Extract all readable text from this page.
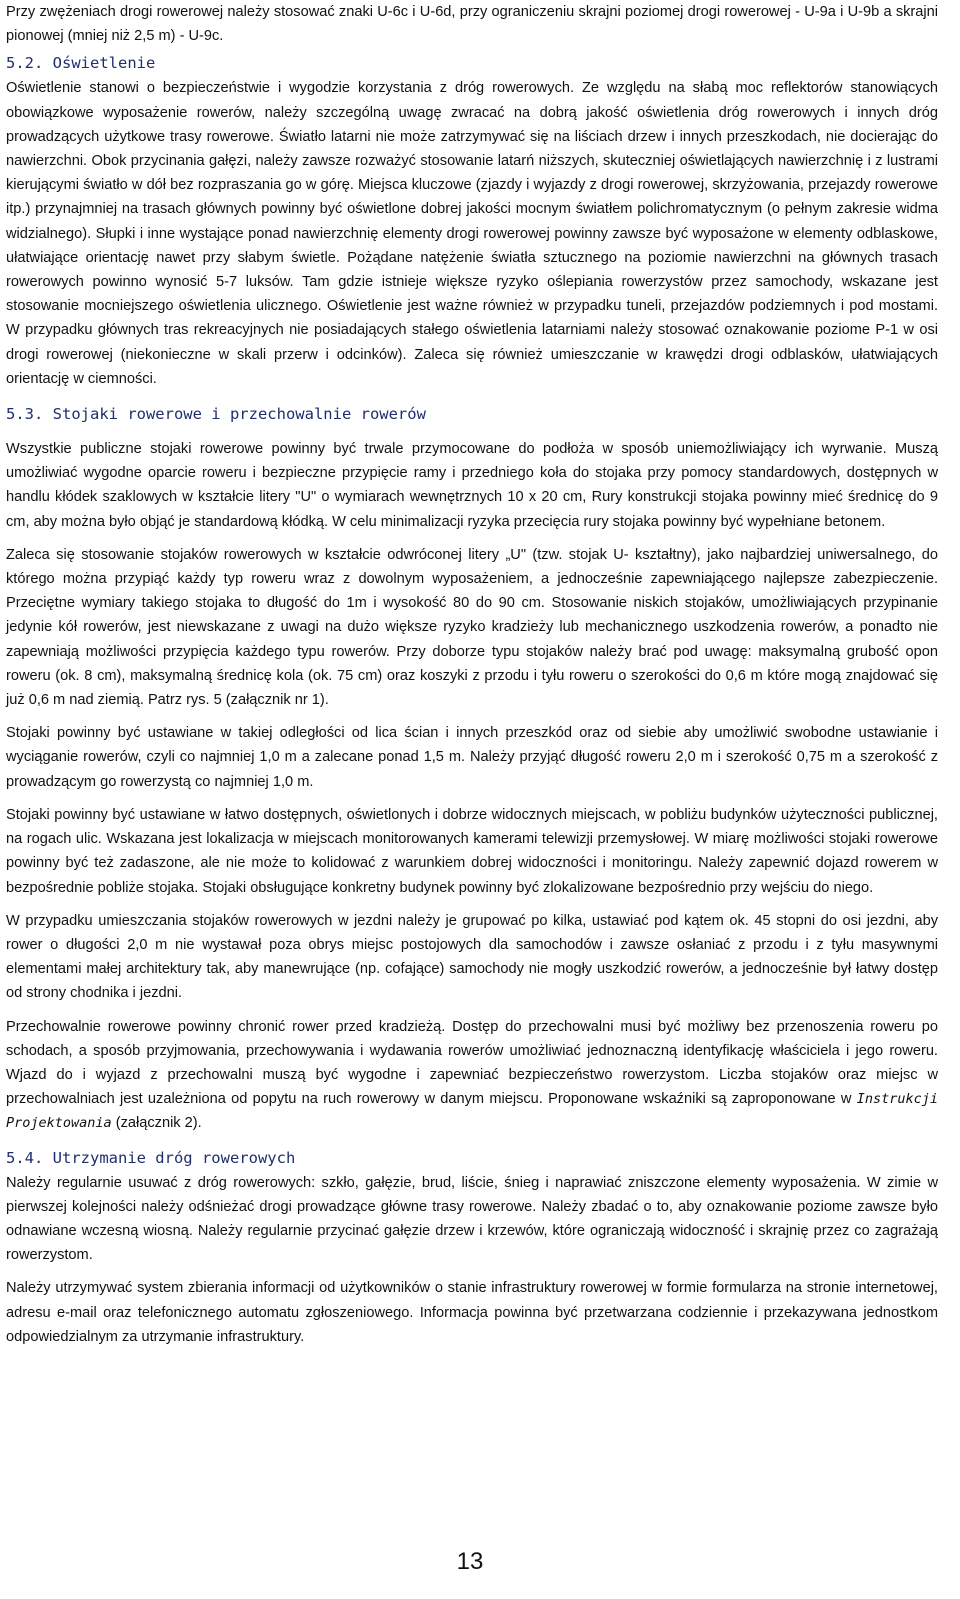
Przy zwężeniach drogi rowerowej należy stosować znaki U-6c i U-6d, przy ograniczeniu skrajni poziomej drogi rowerowej - U-9a i U-9b a skrajni pionowej (mniej niż 2,5 m) - U-9c.

5.2. Oświetlenie

Oświetlenie stanowi o bezpieczeństwie i wygodzie korzystania z dróg rowerowych. Ze względu na słabą moc reflektorów stanowiących obowiązkowe wyposażenie rowerów, należy szczególną uwagę zwracać na dobrą jakość oświetlenia dróg rowerowych i innych dróg prowadzących użytkowe trasy rowerowe. Światło latarni nie może zatrzymywać się na liściach drzew i innych przeszkodach, nie docierając do nawierzchni. Obok przycinania gałęzi, należy zawsze rozważyć stosowanie latarń niższych, skuteczniej oświetlających nawierzchnię i z lustrami kierującymi światło w dół bez rozpraszania go w górę. Miejsca kluczowe (zjazdy i wyjazdy z drogi rowerowej, skrzyżowania, przejazdy rowerowe itp.) przynajmniej na trasach głównych powinny być oświetlone dobrej jakości mocnym światłem polichromatycznym (o pełnym zakresie widma widzialnego). Słupki i inne wystające ponad nawierzchnię elementy drogi rowerowej powinny zawsze być wyposażone w elementy odblaskowe, ułatwiające orientację nawet przy słabym świetle. Pożądane natężenie światła sztucznego na poziomie nawierzchni na głównych trasach rowerowych powinno wynosić 5-7 luksów. Tam gdzie istnieje większe ryzyko oślepiania rowerzystów przez samochody, wskazane jest stosowanie mocniejszego oświetlenia ulicznego. Oświetlenie jest ważne również w przypadku tuneli, przejazdów podziemnych i pod mostami. W przypadku głównych tras rekreacyjnych nie posiadających stałego oświetlenia latarniami należy stosować oznakowanie poziome P-1 w osi drogi rowerowej (niekonieczne w skali przerw i odcinków). Zaleca się również umieszczanie w krawędzi drogi odblasków, ułatwiających orientację w ciemności.

5.3. Stojaki rowerowe i przechowalnie rowerów

Wszystkie publiczne stojaki rowerowe powinny być trwale przymocowane do podłoża w sposób uniemożliwiający ich wyrwanie. Muszą umożliwiać wygodne oparcie roweru i bezpieczne przypięcie ramy i przedniego koła do stojaka przy pomocy standardowych, dostępnych w handlu kłódek szaklowych w kształcie litery "U" o wymiarach wewnętrznych 10 x 20 cm, Rury konstrukcji stojaka powinny mieć średnicę do 9 cm, aby można było objąć je standardową kłódką. W celu minimalizacji ryzyka przecięcia rury stojaka powinny być wypełniane betonem.

Zaleca się stosowanie stojaków rowerowych w kształcie odwróconej litery „U" (tzw. stojak U- kształtny), jako najbardziej uniwersalnego, do którego można przypiąć każdy typ roweru wraz z dowolnym wyposażeniem, a jednocześnie zapewniającego najlepsze zabezpieczenie. Przeciętne wymiary takiego stojaka to długość do 1m i wysokość 80 do 90 cm. Stosowanie niskich stojaków, umożliwiających przypinanie jedynie kół rowerów, jest niewskazane z uwagi na dużo większe ryzyko kradzieży lub mechanicznego uszkodzenia rowerów, a ponadto nie zapewniają możliwości przypięcia każdego typu rowerów. Przy doborze typu stojaków należy brać pod uwagę: maksymalną grubość opon roweru (ok. 8 cm), maksymalną średnicę kola (ok. 75 cm) oraz koszyki z przodu i tyłu roweru o szerokości do 0,6 m które mogą znajdować się już 0,6 m nad ziemią. Patrz rys. 5 (załącznik nr 1).

Stojaki powinny być ustawiane w takiej odległości od lica ścian i innych przeszkód oraz od siebie aby umożliwić swobodne ustawianie i wyciąganie rowerów, czyli co najmniej 1,0 m a zalecane ponad 1,5 m. Należy przyjąć długość roweru 2,0 m i szerokość 0,75 m a szerokość z prowadzącym go rowerzystą co najmniej 1,0 m.

Stojaki powinny być ustawiane w łatwo dostępnych, oświetlonych i dobrze widocznych miejscach, w pobliżu budynków użyteczności publicznej, na rogach ulic. Wskazana jest lokalizacja w miejscach monitorowanych kamerami telewizji przemysłowej. W miarę możliwości stojaki rowerowe powinny być też zadaszone, ale nie może to kolidować z warunkiem dobrej widoczności i monitoringu. Należy zapewnić dojazd rowerem w bezpośrednie pobliże stojaka. Stojaki obsługujące konkretny budynek powinny być zlokalizowane bezpośrednio przy wejściu do niego.

W przypadku umieszczania stojaków rowerowych w jezdni należy je grupować po kilka, ustawiać pod kątem ok. 45 stopni do osi jezdni, aby rower o długości 2,0 m nie wystawał poza obrys miejsc postojowych dla samochodów i zawsze osłaniać z przodu i z tyłu masywnymi elementami małej architektury tak, aby manewrujące (np. cofające) samochody nie mogły uszkodzić rowerów, a jednocześnie był łatwy dostęp od strony chodnika i jezdni.

Przechowalnie rowerowe powinny chronić rower przed kradzieżą. Dostęp do przechowalni musi być możliwy bez przenoszenia roweru po schodach, a sposób przyjmowania, przechowywania i wydawania rowerów umożliwiać jednoznaczną identyfikację właściciela i jego roweru. Wjazd do i wyjazd z przechowalni muszą być wygodne i zapewniać bezpieczeństwo rowerzystom. Liczba stojaków oraz miejsc w przechowalniach jest uzależniona od popytu na ruch rowerowy w danym miejscu. Proponowane wskaźniki są zaproponowane w Instrukcji Projektowania (załącznik 2).

5.4. Utrzymanie dróg rowerowych

Należy regularnie usuwać z dróg rowerowych: szkło, gałęzie, brud, liście, śnieg i naprawiać zniszczone elementy wyposażenia. W zimie w pierwszej kolejności należy odśnieżać drogi prowadzące główne trasy rowerowe. Należy zbadać o to, aby oznakowanie poziome zawsze było odnawiane wczesną wiosną. Należy regularnie przycinać gałęzie drzew i krzewów, które ograniczają widoczność i skrajnię przez co zagrażają rowerzystom.

Należy utrzymywać system zbierania informacji od użytkowników o stanie infrastruktury rowerowej w formie formularza na stronie internetowej, adresu e-mail oraz telefonicznego automatu zgłoszeniowego. Informacja powinna być przetwarzana codziennie i przekazywana jednostkom odpowiedzialnym za utrzymanie infrastruktury.

13
